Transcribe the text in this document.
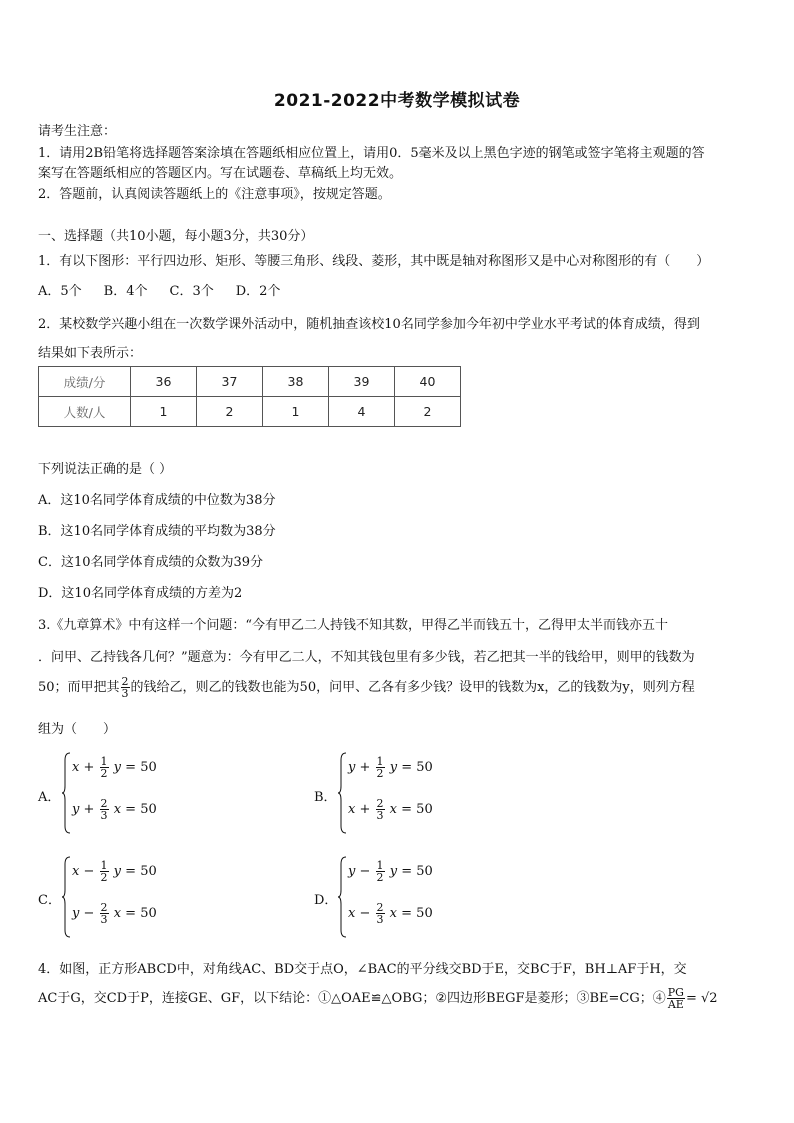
2021-2022中考数学模拟试卷
请考生注意：
1．请用2B铅笔将选择题答案涂填在答题纸相应位置上，请用0．5毫米及以上黑色字迹的钢笔或签字笔将主观题的答
案写在答题纸相应的答题区内。写在试题卷、草稿纸上均无效。
2．答题前，认真阅读答题纸上的《注意事项》，按规定答题。
一、选择题（共10小题，每小题3分，共30分）
1．有以下图形：平行四边形、矩形、等腰三角形、线段、菱形，其中既是轴对称图形又是中心对称图形的有（　　）
A．5个 B．4个 C．3个 D．2个
2．某校数学兴趣小组在一次数学课外活动中，随机抽查该校10名同学参加今年初中学业水平考试的体育成绩，得到
结果如下表所示：
成绩/分	36	37	38	39	40
人数/人	1	2	1	4	2
下列说法正确的是（ ）
A．这10名同学体育成绩的中位数为38分
B．这10名同学体育成绩的平均数为38分
C．这10名同学体育成绩的众数为39分
D．这10名同学体育成绩的方差为2
3.《九章算术》中有这样一个问题：“今有甲乙二人持钱不知其数，甲得乙半而钱五十，乙得甲太半而钱亦五十
．问甲、乙持钱各几何？”题意为：今有甲乙二人，不知其钱包里有多少钱，若乙把其一半的钱给甲，则甲的钱数为
50；而甲把其 $\frac{2}{3}$ 的钱给乙，则乙的钱数也能为50，问甲、乙各有多少钱？设甲的钱数为x，乙的钱数为y，则列方程
组为（　　）
A．
$x + \frac{1}{2}$ y = 50
$y + \frac{2}{3}$ x = 50
B．
$y + \frac{1}{2}$ y = 50
$x + \frac{2}{3}$ x = 50
C．
$x - \frac{1}{2}$ y = 50
$y - \frac{2}{3}$ x = 50
D．
$y - \frac{1}{2}$ y = 50
$x - \frac{2}{3}$ x = 50
4．如图，正方形ABCD中，对角线AC、BD交于点O，∠BAC的平分线交BD于E，交BC于F，BH⊥AF于H，交
AC于G，交CD于P，连接GE、GF，以下结论：①△OAE≌△OBG；②四边形BEGF是菱形；③BE=CG；④ $\frac{PG}{AE} = √2$
